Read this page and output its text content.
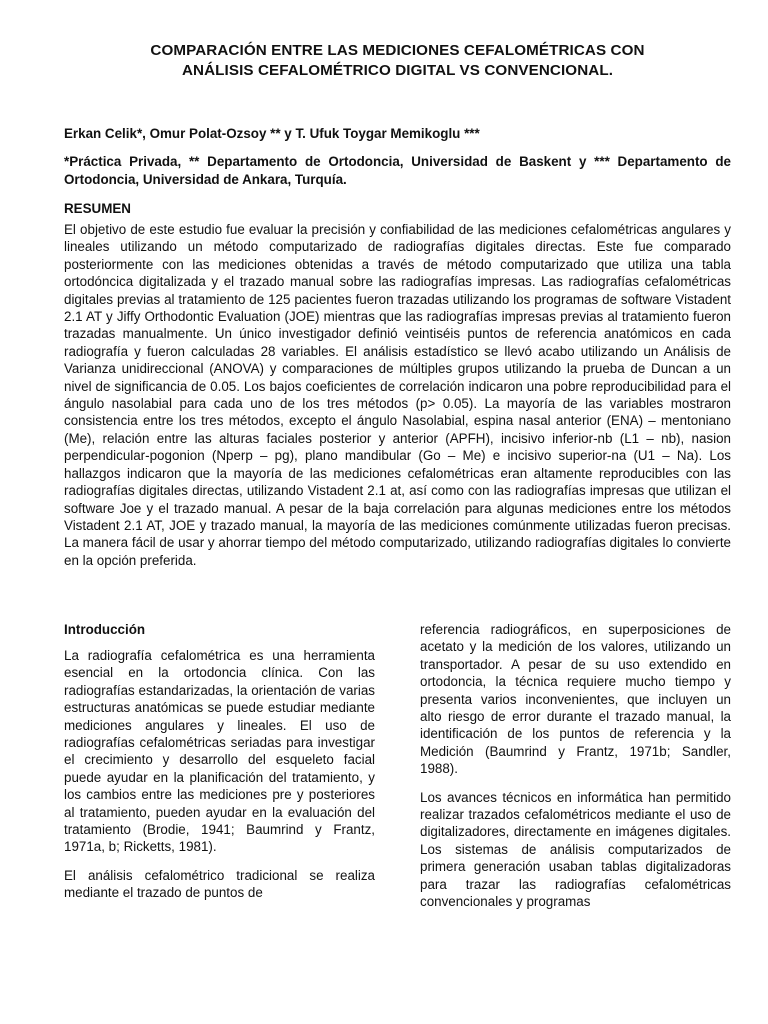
COMPARACIÓN ENTRE LAS MEDICIONES CEFALOMÉTRICAS CON
ANÁLISIS CEFALOMÉTRICO DIGITAL VS CONVENCIONAL.

Erkan Celik*, Omur Polat-Ozsoy ** y T. Ufuk Toygar Memikoglu ***

*Práctica Privada, ** Departamento de Ortodoncia, Universidad de Baskent y *** Departamento de Ortodoncia, Universidad de Ankara, Turquía.

RESUMEN

El objetivo de este estudio fue evaluar la precisión y confiabilidad de las mediciones cefalométricas angulares y lineales utilizando un método computarizado de radiografías digitales directas. Este fue comparado posteriormente con las mediciones obtenidas a través de método computarizado que utiliza una tabla ortodóncica digitalizada y el trazado manual sobre las radiografías impresas. Las radiografías cefalométricas digitales previas al tratamiento de 125 pacientes fueron trazadas utilizando los programas de software Vistadent 2.1 AT y Jiffy Orthodontic Evaluation (JOE) mientras que las radiografías impresas previas al tratamiento fueron trazadas manualmente. Un único investigador definió veintiséis puntos de referencia anatómicos en cada radiografía y fueron calculadas 28 variables. El análisis estadístico se llevó acabo utilizando un Análisis de Varianza unidireccional (ANOVA) y comparaciones de múltiples grupos utilizando la prueba de Duncan a un nivel de significancia de 0.05. Los bajos coeficientes de correlación indicaron una pobre reproducibilidad para el ángulo nasolabial para cada uno de los tres métodos (p> 0.05). La mayoría de las variables mostraron consistencia entre los tres métodos, excepto el ángulo Nasolabial, espina nasal anterior (ENA) – mentoniano (Me), relación entre las alturas faciales posterior y anterior (APFH), incisivo inferior-nb (L1 – nb), nasion perpendicular-pogonion (Nperp – pg), plano mandibular (Go – Me) e incisivo superior-na (U1 – Na). Los hallazgos indicaron que la mayoría de las mediciones cefalométricas eran altamente reproducibles con las radiografías digitales directas, utilizando Vistadent 2.1 at, así como con las radiografías impresas que utilizan el software Joe y el trazado manual. A pesar de la baja correlación para algunas mediciones entre los métodos Vistadent 2.1 AT, JOE y trazado manual, la mayoría de las mediciones comúnmente utilizadas fueron precisas. La manera fácil de usar y ahorrar tiempo del método computarizado, utilizando radiografías digitales lo convierte en la opción preferida.

Introducción

La radiografía cefalométrica es una herramienta esencial en la ortodoncia clínica. Con las radiografías estandarizadas, la orientación de varias estructuras anatómicas se puede estudiar mediante mediciones angulares y lineales. El uso de radiografías cefalométricas seriadas para investigar el crecimiento y desarrollo del esqueleto facial puede ayudar en la planificación del tratamiento, y los cambios entre las mediciones pre y posteriores al tratamiento, pueden ayudar en la evaluación del tratamiento (Brodie, 1941; Baumrind y Frantz, 1971a, b; Ricketts, 1981).

El análisis cefalométrico tradicional se realiza mediante el trazado de puntos de

referencia radiográficos, en superposiciones de acetato y la medición de los valores, utilizando un transportador. A pesar de su uso extendido en ortodoncia, la técnica requiere mucho tiempo y presenta varios inconvenientes, que incluyen un alto riesgo de error durante el trazado manual, la identificación de los puntos de referencia y la Medición (Baumrind y Frantz, 1971b; Sandler, 1988).

Los avances técnicos en informática han permitido realizar trazados cefalométricos mediante el uso de digitalizadores, directamente en imágenes digitales. Los sistemas de análisis computarizados de primera generación usaban tablas digitalizadoras para trazar las radiografías cefalométricas convencionales y programas
